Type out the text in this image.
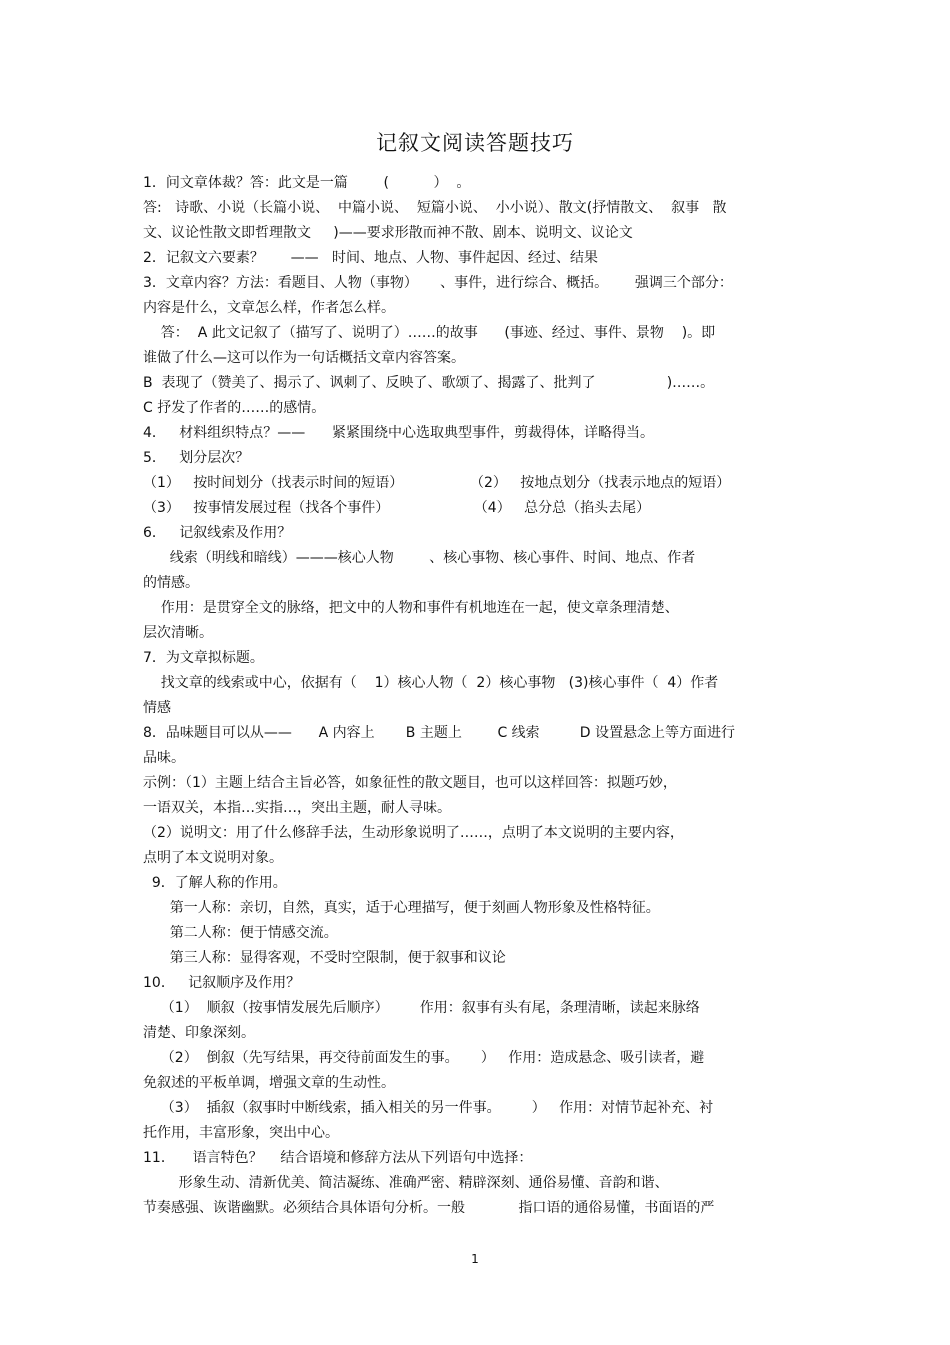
记叙文阅读答题技巧
1．问文章体裁？答：此文是一篇        (          ）  。
答:   诗歌、小说（长篇小说、  中篇小说、  短篇小说、  小小说）、散文(抒情散文、  叙事   散
文、议论性散文即哲理散文     )——要求形散而神不散、剧本、说明文、议论文
2．记叙文六要素？      ——   时间、地点、人物、事件起因、经过、结果
3．文章内容？方法：看题目、人物（事物）     、事件，进行综合、概括。      强调三个部分：
内容是什么，文章怎么样，作者怎么样。
答：  A 此文记叙了（描写了、说明了）……的故事      (事迹、经过、事件、景物    )。即
谁做了什么—这可以作为一句话概括文章内容答案。
B  表现了（赞美了、揭示了、讽刺了、反映了、歌颂了、揭露了、批判了                )……。
C 抒发了作者的……的感情。
4．   材料组织特点？——      紧紧围绕中心选取典型事件，剪裁得体，详略得当。
5．   划分层次？
（1）   按时间划分（找表示时间的短语）               （2）   按地点划分（找表示地点的短语）
（3）   按事情发展过程（找各个事件）                   （4）   总分总（掐头去尾）
6．   记叙线索及作用？
线索（明线和暗线）———核心人物        、核心事物、核心事件、时间、地点、作者
的情感。
作用：是贯穿全文的脉络，把文中的人物和事件有机地连在一起，使文章条理清楚、
层次清晰。
7．为文章拟标题。
找文章的线索或中心，依据有（    1）核心人物（  2）核心事物   (3)核心事件（  4）作者
情感
8．品味题目可以从——      A 内容上       B 主题上        C 线索         D 设置悬念上等方面进行
品味。
示例：（1）主题上结合主旨必答，如象征性的散文题目，也可以这样回答：拟题巧妙，
一语双关，本指…实指…，突出主题，耐人寻味。
（2）说明文：用了什么修辞手法，生动形象说明了……，点明了本文说明的主要内容，
点明了本文说明对象。
9．了解人称的作用。
第一人称：亲切，自然，真实，适于心理描写，便于刻画人物形象及性格特征。
第二人称：便于情感交流。
第三人称：显得客观，不受时空限制，便于叙事和议论
10．   记叙顺序及作用？
（1）  顺叙（按事情发展先后顺序）       作用：叙事有头有尾，条理清晰，读起来脉络
清楚、印象深刻。
（2）  倒叙（先写结果，再交待前面发生的事。     ）   作用：造成悬念、吸引读者，避
免叙述的平板单调，增强文章的生动性。
（3）  插叙（叙事时中断线索，插入相关的另一件事。       ）   作用：对情节起补充、衬
托作用，丰富形象，突出中心。
11．    语言特色？    结合语境和修辞方法从下列语句中选择：
形象生动、清新优美、简洁凝练、准确严密、精辟深刻、通俗易懂、音韵和谐、
节奏感强、诙谐幽默。必须结合具体语句分析。一般            指口语的通俗易懂，书面语的严
1
